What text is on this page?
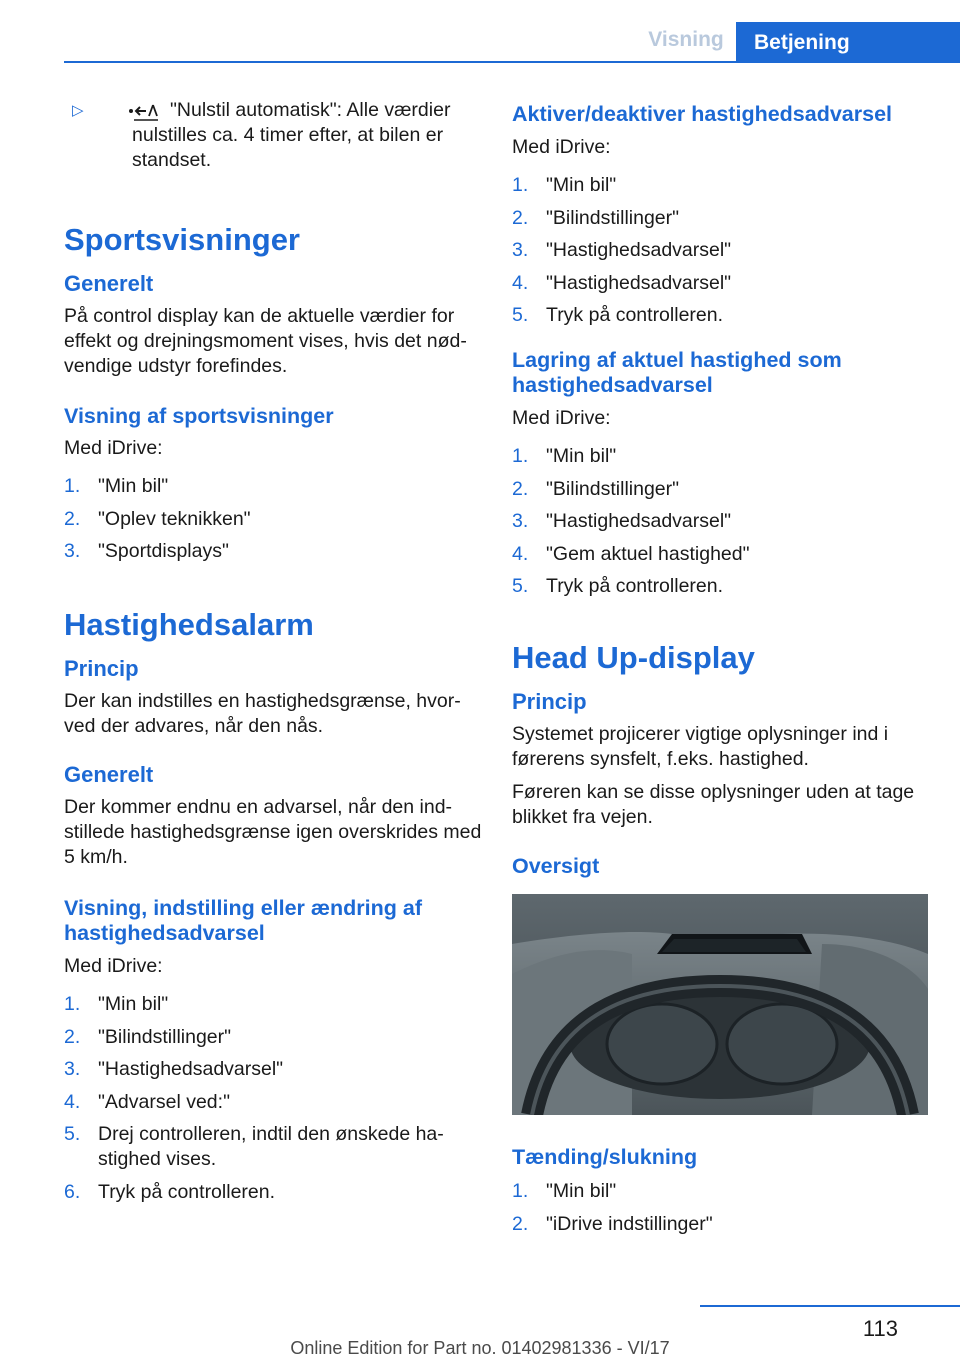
Visning	Betjening
▷	"Nulstil automatisk": Alle værdier
nulstilles ca. 4 timer efter, at bilen er
standset.
Sportsvisninger
Generelt

På control display kan de aktuelle værdier for effekt og drejningsmoment vises, hvis det nød-vendige udstyr forefindes.

Visning af sportsvisninger

Med iDrive:

1. "Min bil"
2. "Oplev teknikken"
3. "Sportdisplays"
Hastighedsalarm
Princip

Der kan indstilles en hastighedsgrænse, hvor-ved der advares, når den nås.

Generelt

Der kommer endnu en advarsel, når den ind-stillede hastighedsgrænse igen overskrides med 5 km/h.

Visning, indstilling eller ændring af hastighedsadvarsel

Med iDrive:

1. "Min bil"
2. "Bilindstillinger"
3. "Hastighedsadvarsel"
4. "Advarsel ved:"
5. Drej controlleren, indtil den ønskede ha-stighed vises.
6. Tryk på controlleren.
Aktiver/deaktiver hastighedsadvarsel

Med iDrive:

1. "Min bil"
2. "Bilindstillinger"
3. "Hastighedsadvarsel"
4. "Hastighedsadvarsel"
5. Tryk på controlleren.
Lagring af aktuel hastighed som hastighedsadvarsel

Med iDrive:

1. "Min bil"
2. "Bilindstillinger"
3. "Hastighedsadvarsel"
4. "Gem aktuel hastighed"
5. Tryk på controlleren.
Head Up-display
Princip

Systemet projicerer vigtige oplysninger ind i førerens synsfelt, f.eks. hastighed.

Føreren kan se disse oplysninger uden at tage blikket fra vejen.

Oversigt
Tænding/slukning
1. "Min bil"
2. "iDrive indstillinger"
113
Online Edition for Part no. 01402981336 - VI/17
